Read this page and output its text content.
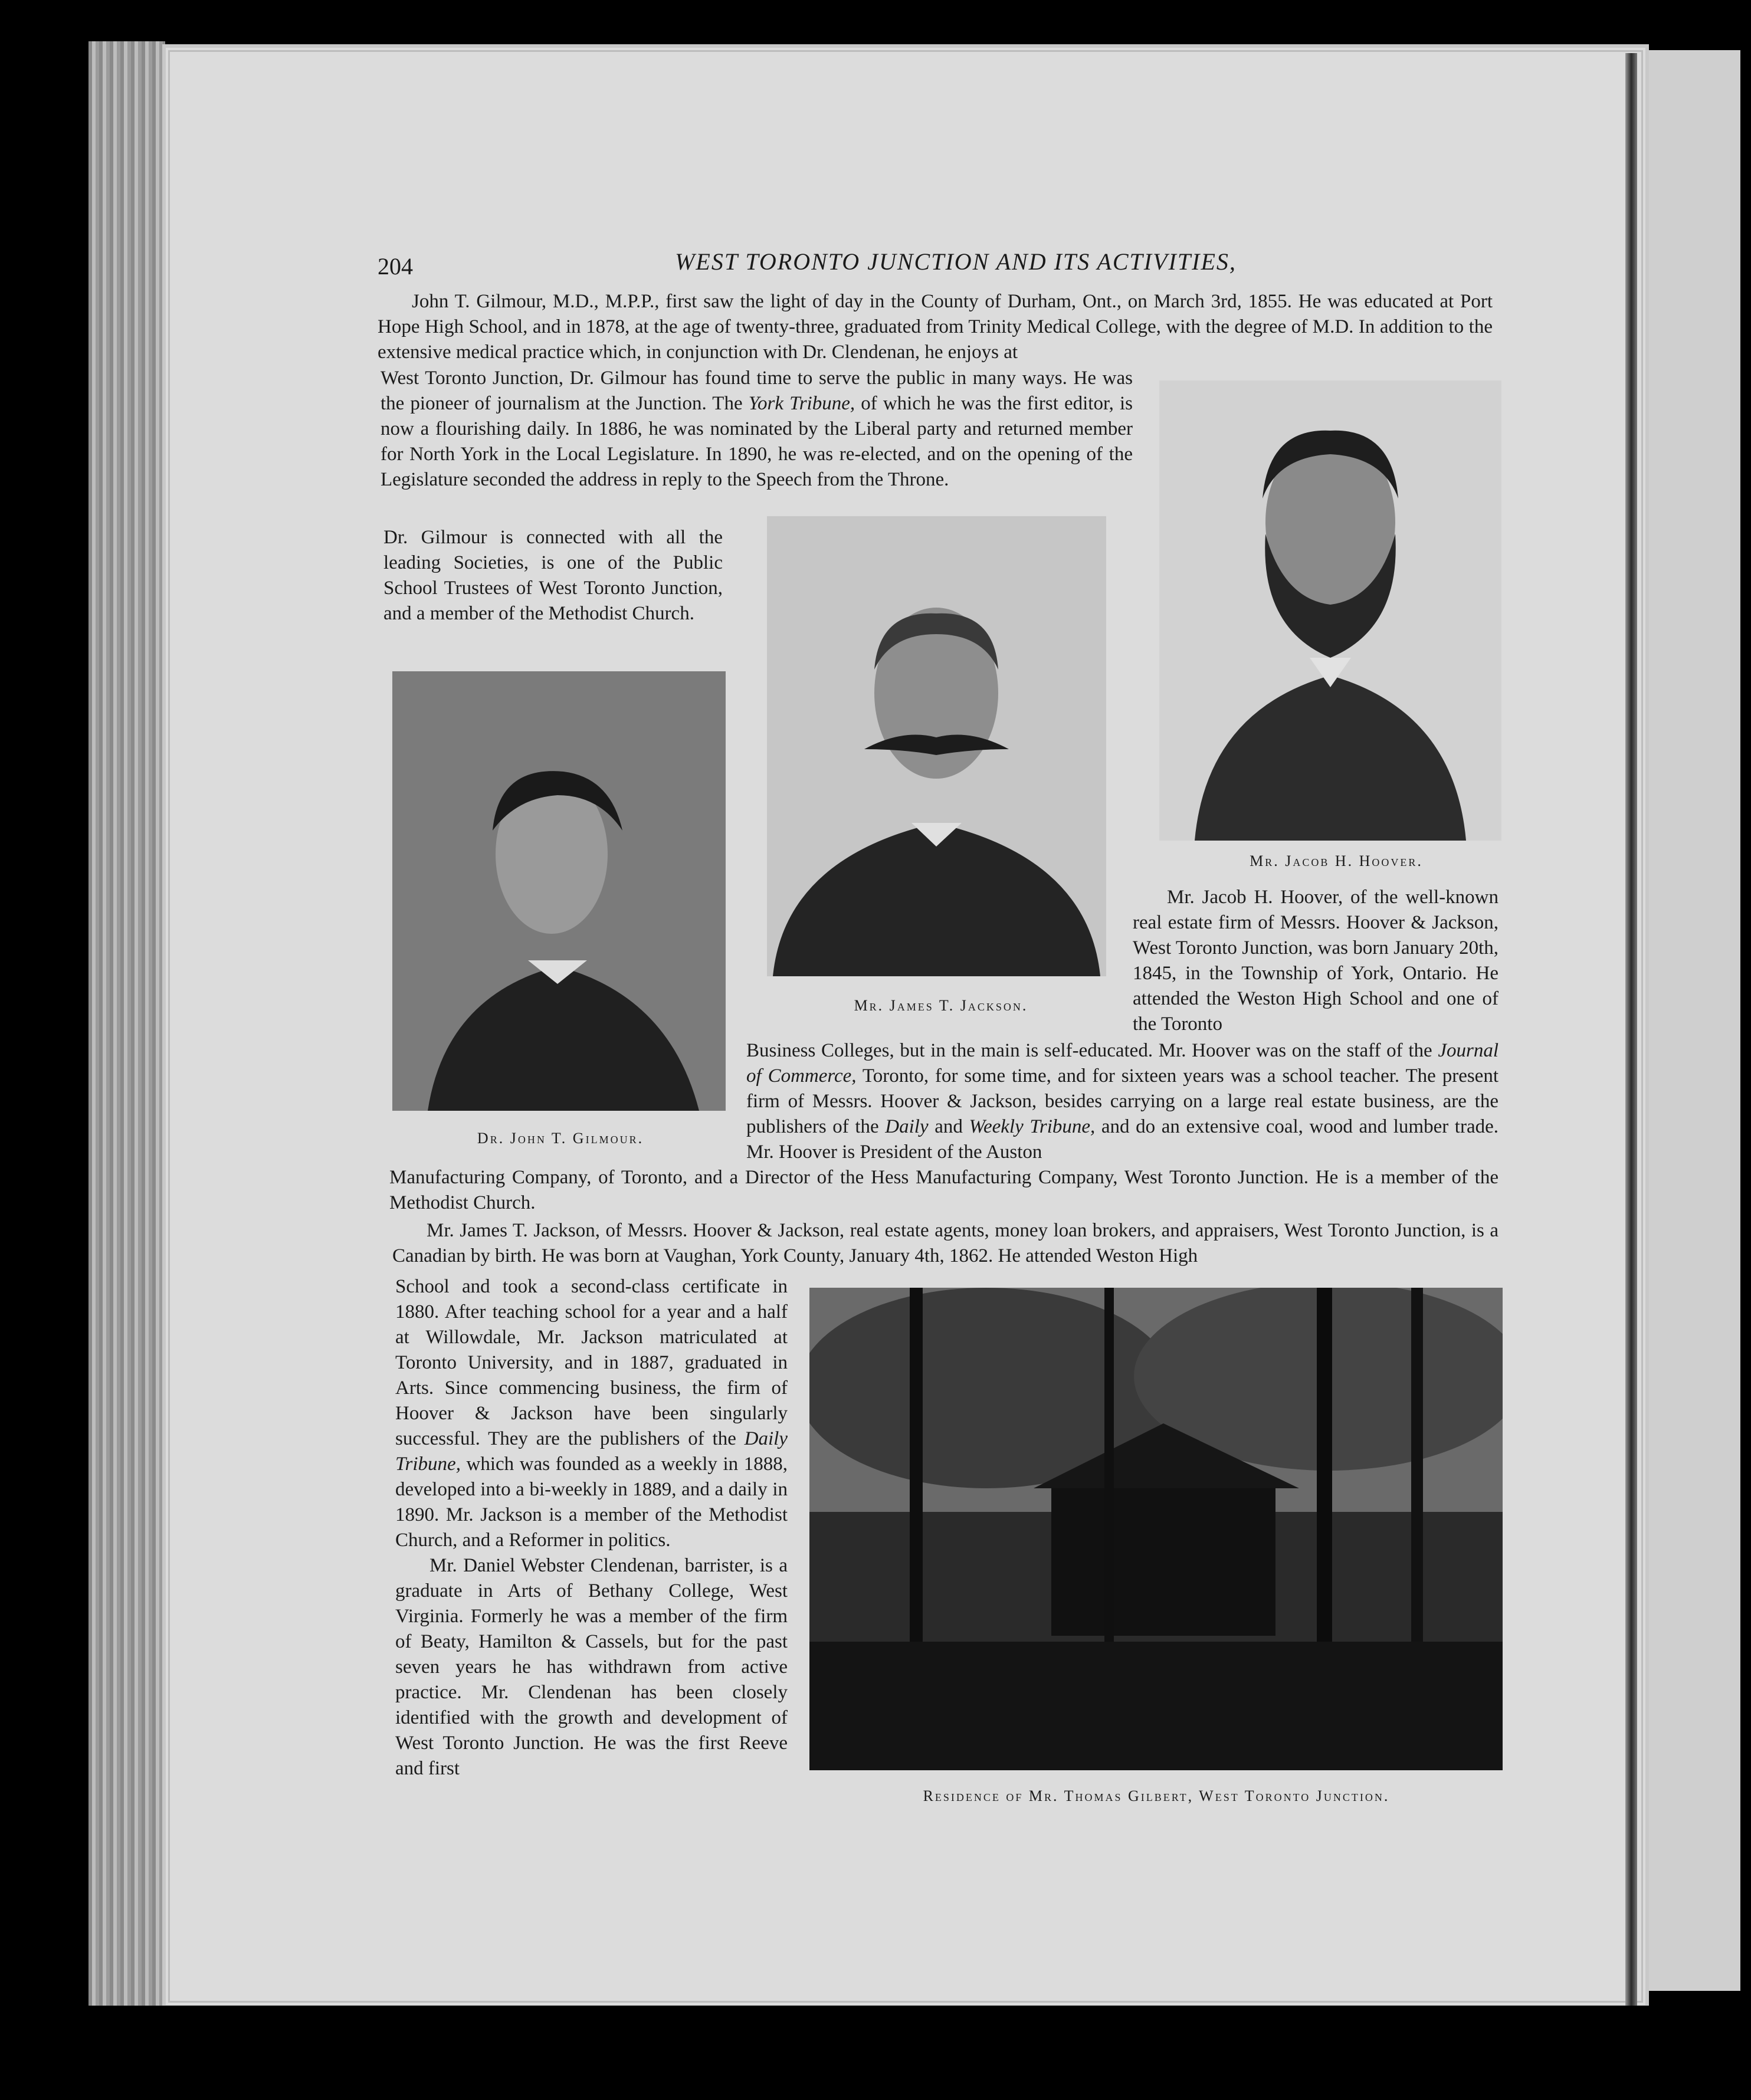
204	WEST TORONTO JUNCTION AND ITS ACTIVITIES,

John T. Gilmour, M.D., M.P.P., first saw the light of day in the County of Durham, Ont., on March 3rd, 1855. He was educated at Port Hope High School, and in 1878, at the age of twenty-three, graduated from Trinity Medical College, with the degree of M.D. In addition to the extensive medical practice which, in conjunction with Dr. Clendenan, he enjoys at

West Toronto Junction, Dr. Gilmour has found time to serve the public in many ways. He was the pioneer of journalism at the Junction. The York Tribune, of which he was the first editor, is now a flourishing daily. In 1886, he was nominated by the Liberal party and returned member for North York in the Local Legislature. In 1890, he was re-elected, and on the opening of the Legislature seconded the address in reply to the Speech from the Throne.

Dr. Gilmour is connected with all the leading Societies, is one of the Public School Trustees of West Toronto Junction, and a member of the Methodist Church.

Mr. Jacob H. Hoover.
Mr. James T. Jackson.
Dr. John T. Gilmour.

Mr. Jacob H. Hoover, of the well-known real estate firm of Messrs. Hoover & Jackson, West Toronto Junction, was born January 20th, 1845, in the Township of York, Ontario. He attended the Weston High School and one of the Toronto

Business Colleges, but in the main is self-educated. Mr. Hoover was on the staff of the Journal of Commerce, Toronto, for some time, and for sixteen years was a school teacher. The present firm of Messrs. Hoover & Jackson, besides carrying on a large real estate business, are the publishers of the Daily and Weekly Tribune, and do an extensive coal, wood and lumber trade. Mr. Hoover is President of the Auston

Manufacturing Company, of Toronto, and a Director of the Hess Manufacturing Company, West Toronto Junction. He is a member of the Methodist Church.

Mr. James T. Jackson, of Messrs. Hoover & Jackson, real estate agents, money loan brokers, and appraisers, West Toronto Junction, is a Canadian by birth. He was born at Vaughan, York County, January 4th, 1862. He attended Weston High

School and took a second-class certificate in 1880. After teaching school for a year and a half at Willowdale, Mr. Jackson matriculated at Toronto University, and in 1887, graduated in Arts. Since commencing business, the firm of Hoover & Jackson have been singularly successful. They are the publishers of the Daily Tribune, which was founded as a weekly in 1888, developed into a bi-weekly in 1889, and a daily in 1890. Mr. Jackson is a member of the Methodist Church, and a Reformer in politics.

Mr. Daniel Webster Clendenan, barrister, is a graduate in Arts of Bethany College, West Virginia. Formerly he was a member of the firm of Beaty, Hamilton & Cassels, but for the past seven years he has withdrawn from active practice. Mr. Clendenan has been closely identified with the growth and development of West Toronto Junction. He was the first Reeve and first

Residence of Mr. Thomas Gilbert, West Toronto Junction.
